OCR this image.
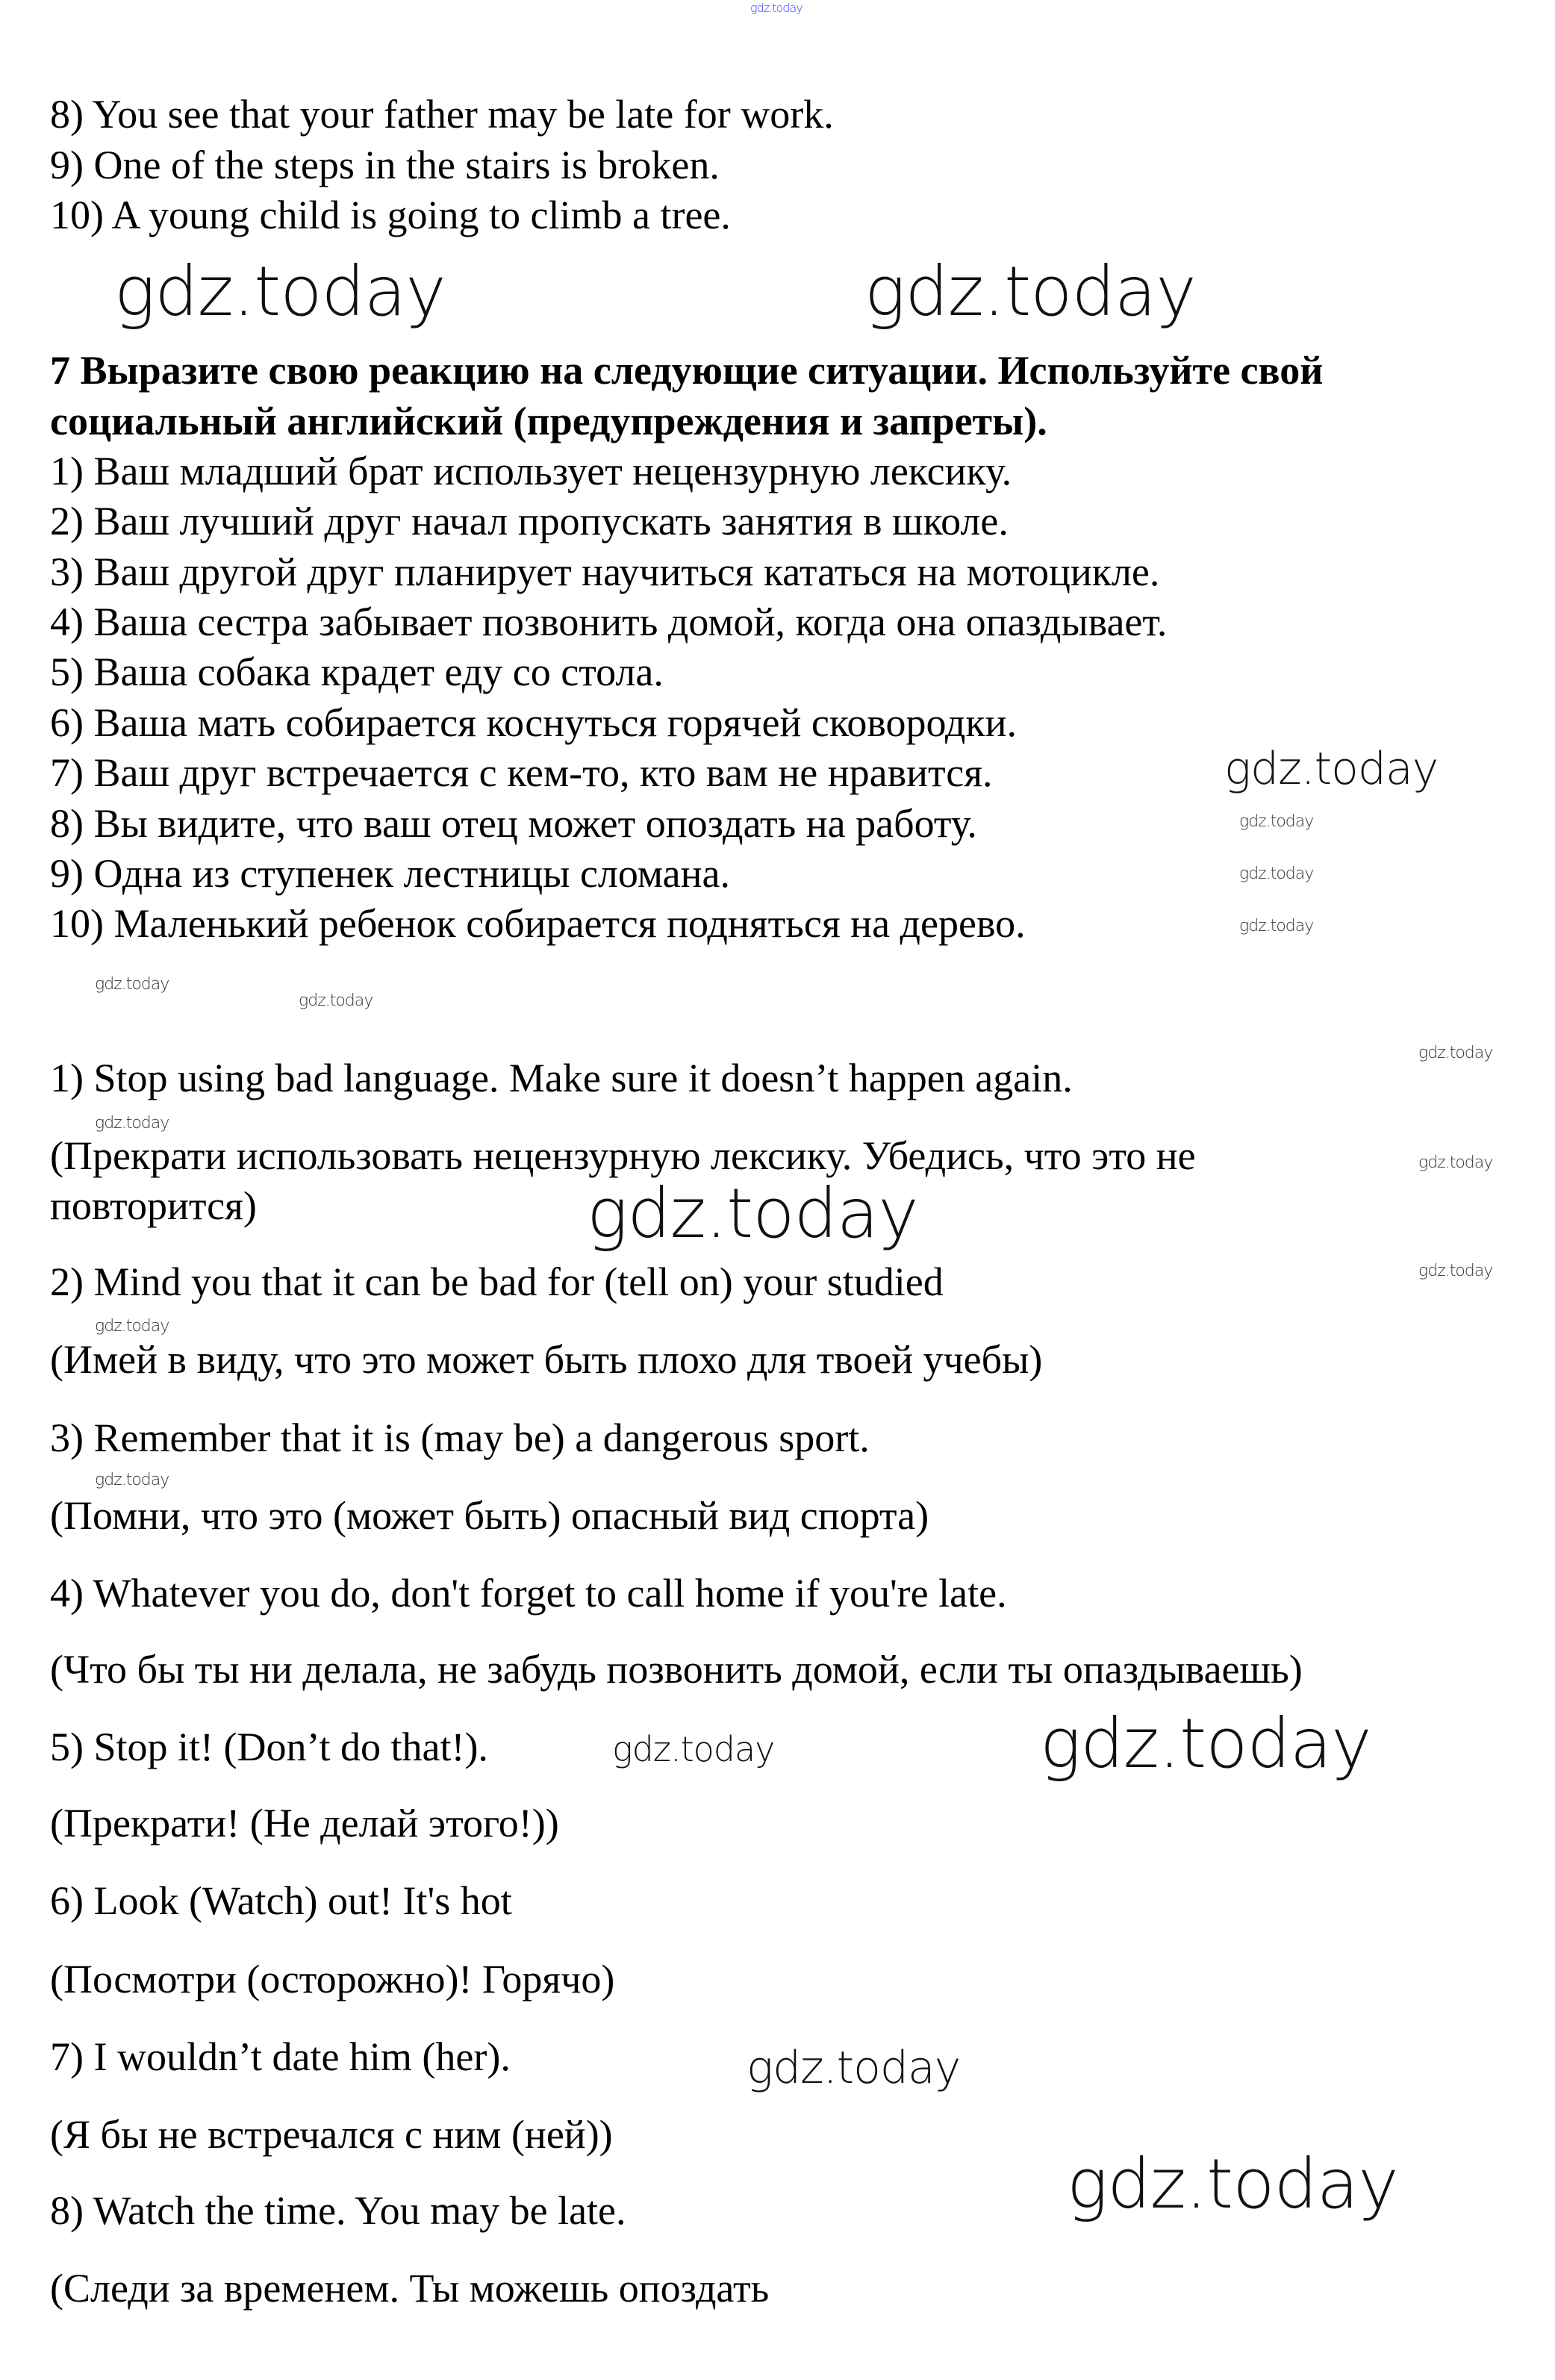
gdz.today
gdz.today	gdz.today
gdz.today
gdz.today
gdz.today	gdz.today
gdz.today
gdz.today
gdz.today
gdz.today
gdz.today
gdz.today
gdz.today
gdz.today
gdz.today
gdz.today
gdz.today
gdz.today
gdz.today
8) You see that your father may be late for work.
9) One of the steps in the stairs is broken.
10) A young child is going to climb a tree.
7 Выразите свою реакцию на следующие ситуации. Используйте свой
социальный английский (предупреждения и запреты).
1) Ваш младший брат использует нецензурную лексику.
2) Ваш лучший друг начал пропускать занятия в школе.
3) Ваш другой друг планирует научиться кататься на мотоцикле.
4) Ваша сестра забывает позвонить домой, когда она опаздывает.
5) Ваша собака крадет еду со стола.
6) Ваша мать собирается коснуться горячей сковородки.
7) Ваш друг встречается с кем-то, кто вам не нравится.
8) Вы видите, что ваш отец может опоздать на работу.
9) Одна из ступенек лестницы сломана.
10) Маленький ребенок собирается подняться на дерево.
1) Stop using bad language. Make sure it doesn’t happen again.
(Прекрати использовать нецензурную лексику. Убедись, что это не
повторится)
2) Mind you that it can be bad for (tell on) your studied
(Имей в виду, что это может быть плохо для твоей учебы)
3) Remember that it is (may be) a dangerous sport.
(Помни, что это (может быть) опасный вид спорта)
4) Whatever you do, don't forget to call home if you're late.
(Что бы ты ни делала, не забудь позвонить домой, если ты опаздываешь)
5) Stop it! (Don’t do that!).
(Прекрати! (Не делай этого!))
6) Look (Watch) out! It's hot
(Посмотри (осторожно)! Горячо)
7) I wouldn’t date him (her).
(Я бы не встречался с ним (ней))
8) Watch the time. You may be late.
(Следи за временем. Ты можешь опоздать
